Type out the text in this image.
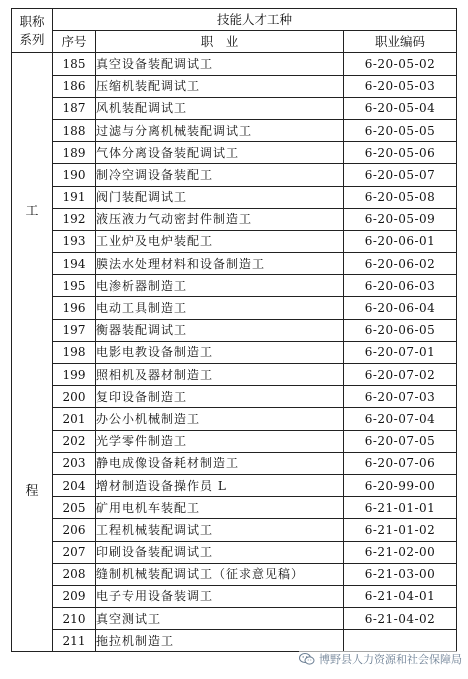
职称
系列	技能人才工种		
	序号	职　业	职业编码

工
程	185	真空设备装配调试工	6-20-05-02
	186	压缩机装配调试工	6-20-05-03
	187	风机装配调试工	6-20-05-04
	188	过滤与分离机械装配调试工	6-20-05-05
	189	气体分离设备装配调试工	6-20-05-06
	190	制冷空调设备装配工	6-20-05-07
	191	阀门装配调试工	6-20-05-08
	192	液压液力气动密封件制造工	6-20-05-09
	193	工业炉及电炉装配工	6-20-06-01
	194	膜法水处理材料和设备制造工	6-20-06-02
	195	电渗析器制造工	6-20-06-03
	196	电动工具制造工	6-20-06-04
	197	衡器装配调试工	6-20-06-05
	198	电影电教设备制造工	6-20-07-01
	199	照相机及器材制造工	6-20-07-02
	200	复印设备制造工	6-20-07-03
	201	办公小机械制造工	6-20-07-04
	202	光学零件制造工	6-20-07-05
	203	静电成像设备耗材制造工	6-20-07-06
	204	增材制造设备操作员 L	6-20-99-00
	205	矿用电机车装配工	6-21-01-01
	206	工程机械装配调试工	6-21-01-02
	207	印刷设备装配调试工	6-21-02-00
	208	缝制机械装配调试工（征求意见稿）	6-21-03-00
	209	电子专用设备装调工	6-21-04-01
	210	真空测试工	6-21-04-02
	211	拖拉机制造工	
博野县人力资源和社会保障局
